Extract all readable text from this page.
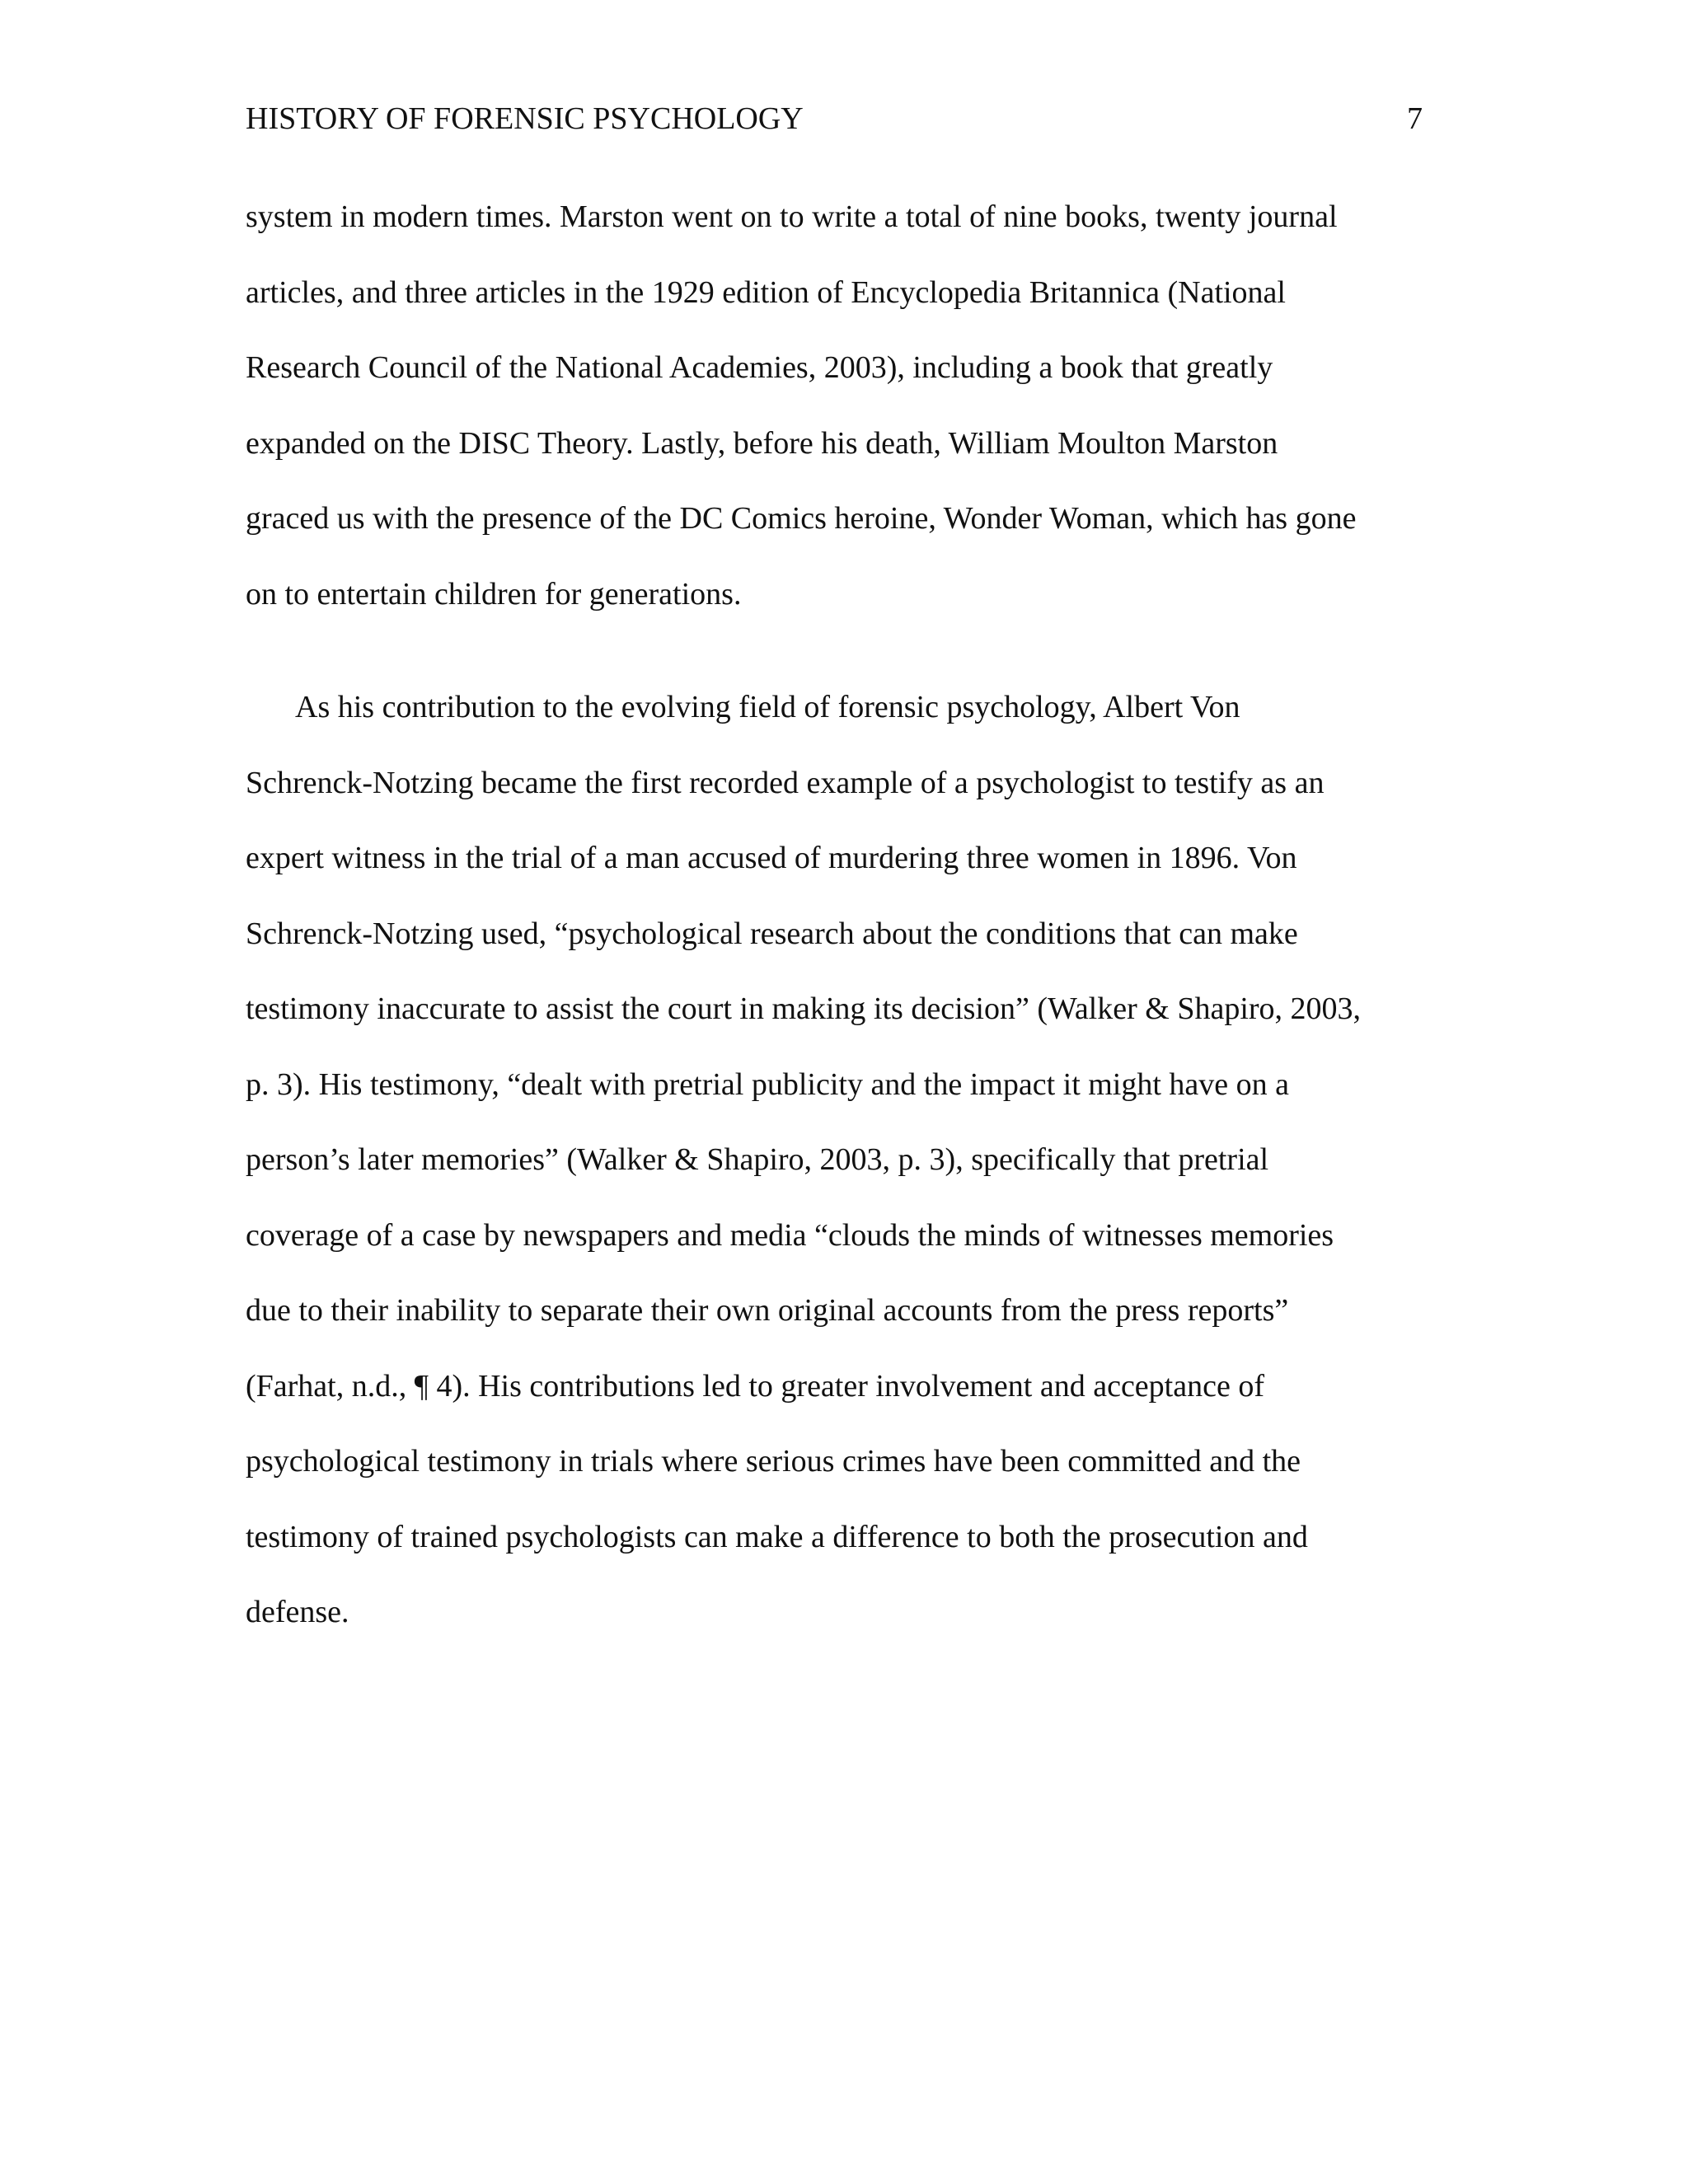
HISTORY OF FORENSIC PSYCHOLOGY	7
system in modern times. Marston went on to write a total of nine books, twenty journal
articles, and three articles in the 1929 edition of Encyclopedia Britannica (National
Research Council of the National Academies, 2003), including a book that greatly
expanded on the DISC Theory. Lastly, before his death, William Moulton Marston
graced us with the presence of the DC Comics heroine, Wonder Woman, which has gone
on to entertain children for generations.
As his contribution to the evolving field of forensic psychology, Albert Von
Schrenck-Notzing became the first recorded example of a psychologist to testify as an
expert witness in the trial of a man accused of murdering three women in 1896. Von
Schrenck-Notzing used, “psychological research about the conditions that can make
testimony inaccurate to assist the court in making its decision” (Walker & Shapiro, 2003,
p. 3). His testimony, “dealt with pretrial publicity and the impact it might have on a
person’s later memories” (Walker & Shapiro, 2003, p. 3), specifically that pretrial
coverage of a case by newspapers and media “clouds the minds of witnesses memories
due to their inability to separate their own original accounts from the press reports”
(Farhat, n.d., ¶ 4). His contributions led to greater involvement and acceptance of
psychological testimony in trials where serious crimes have been committed and the
testimony of trained psychologists can make a difference to both the prosecution and
defense.
